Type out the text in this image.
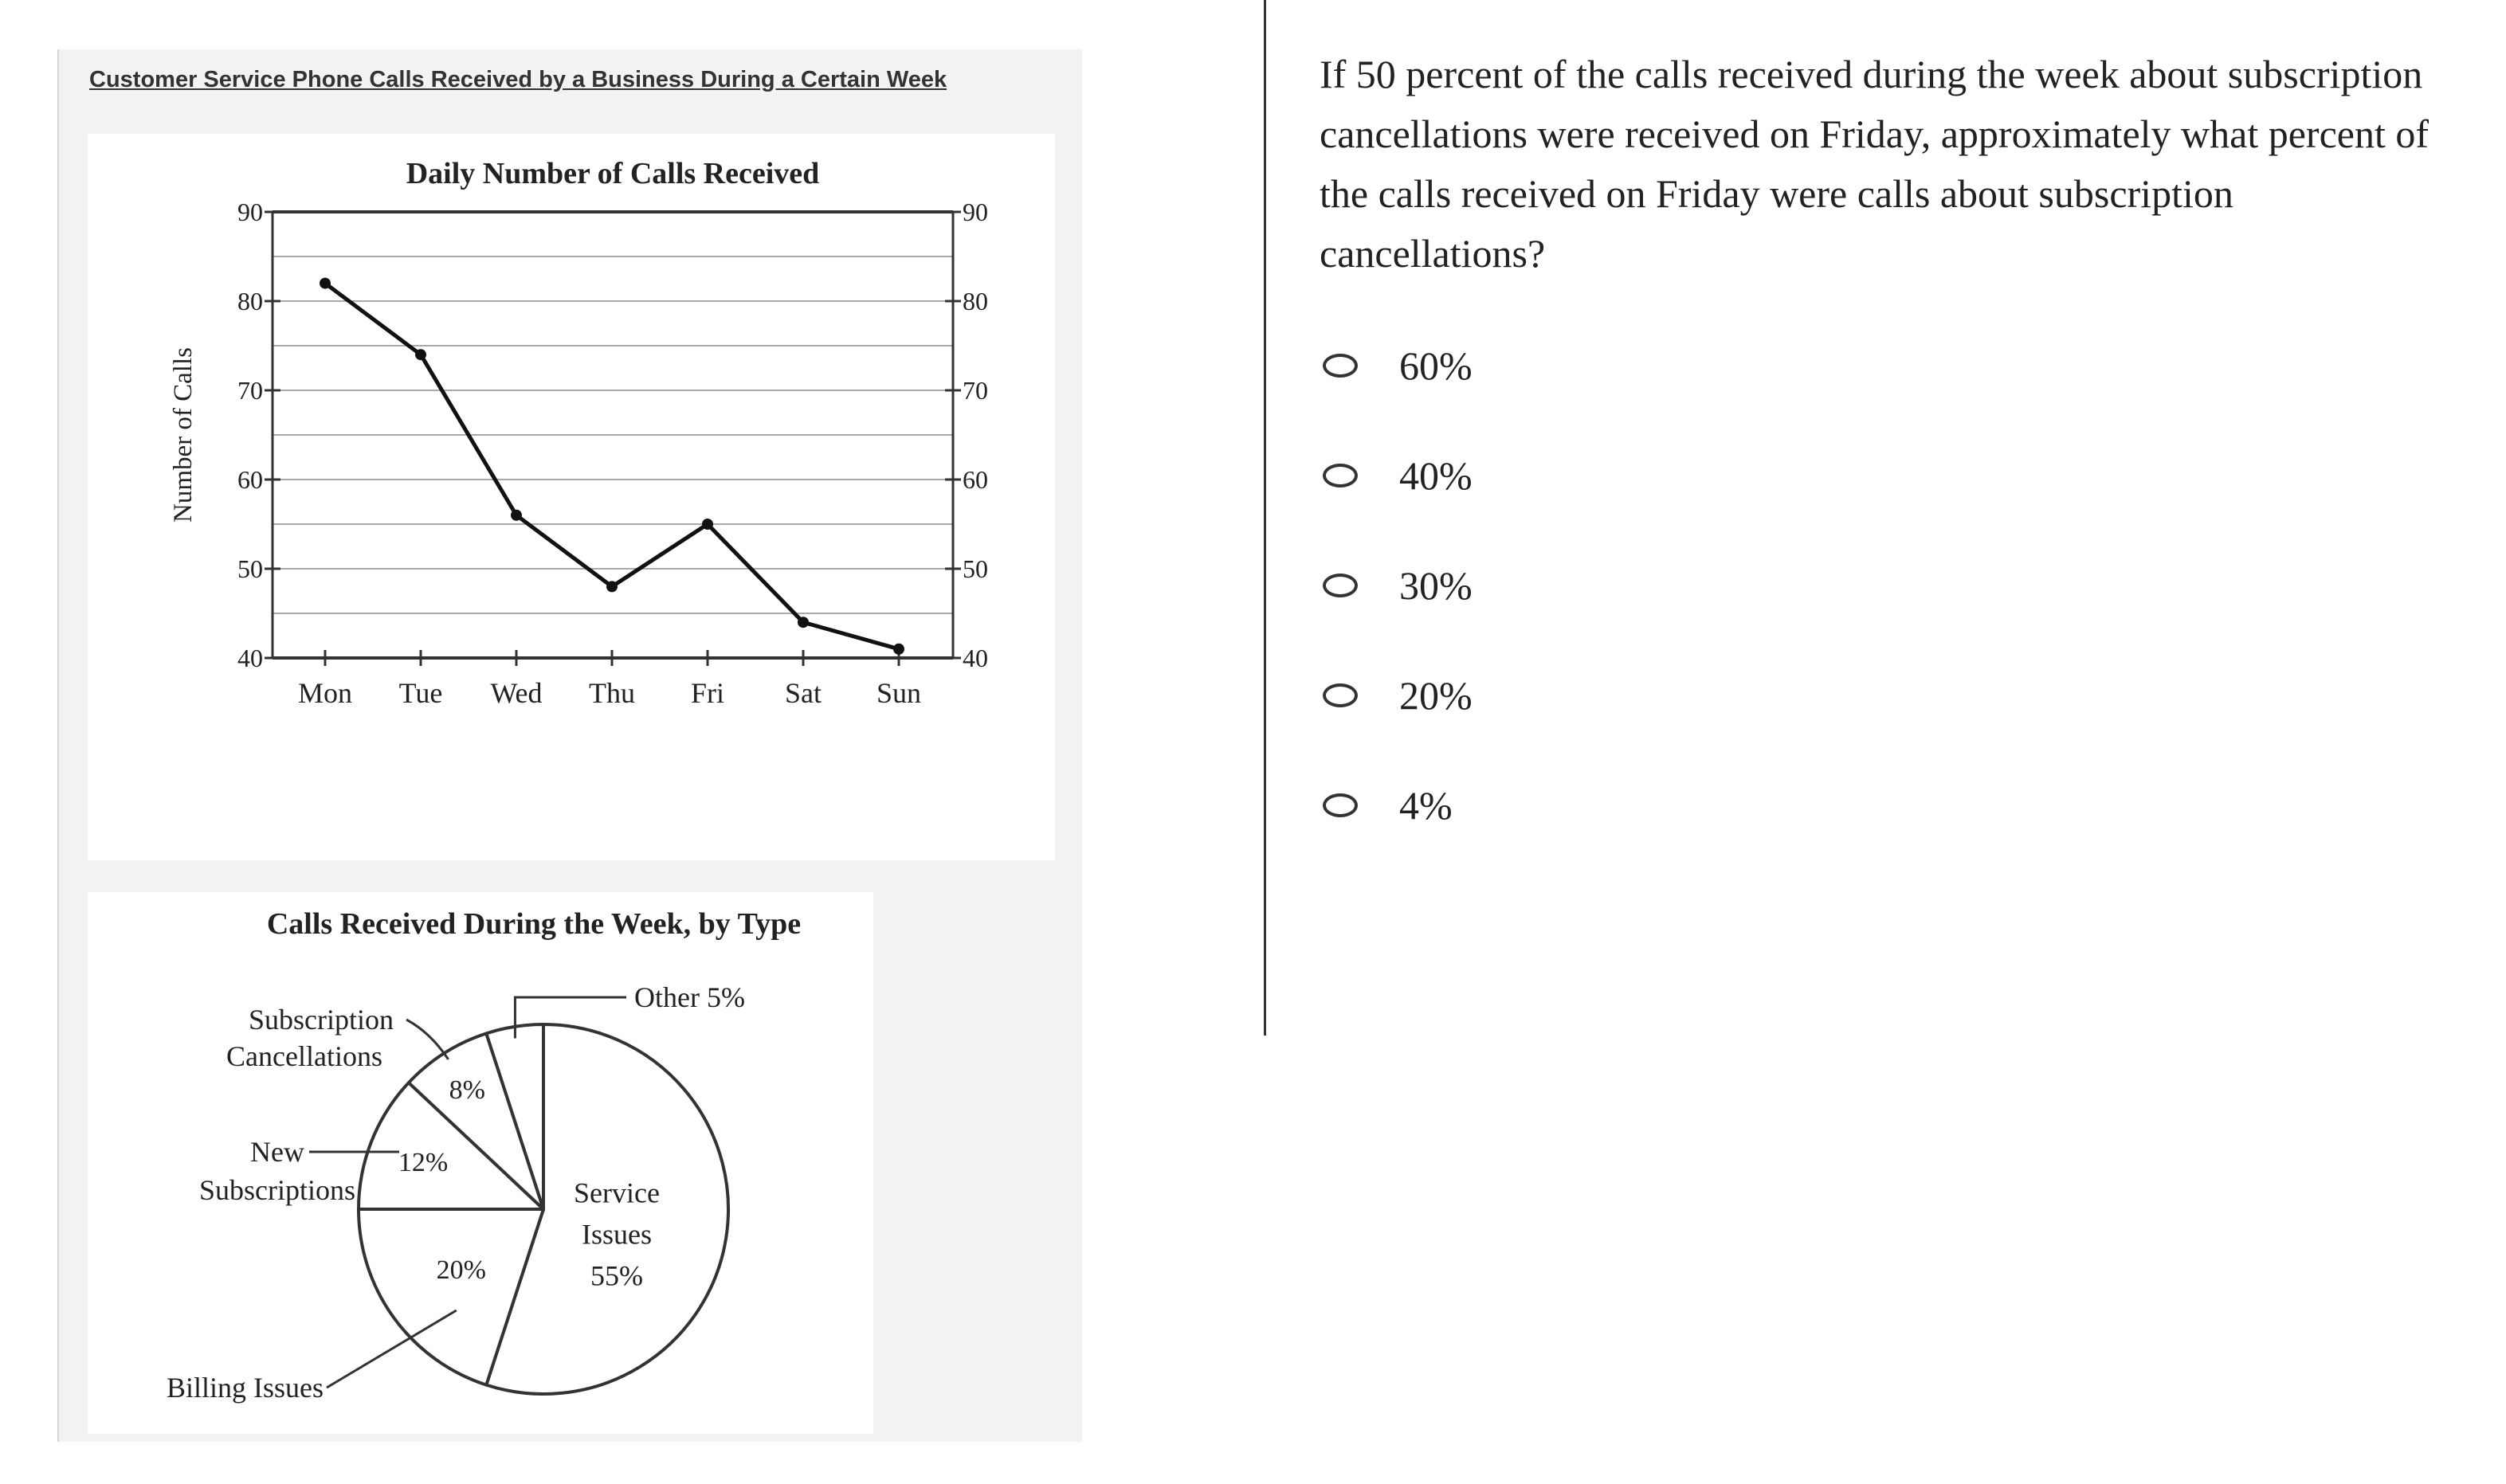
Customer Service Phone Calls Received by a Business During a Certain Week
Daily Number of Calls Received
Number of Calls
40	40
50	50
60	60
70	70
80	80
90	90
Mon Tue Wed Thu Fri Sat Sun
Calls Received During the Week, by Type
Service
Issues
55%
20%
12%
8%
Billing Issues
New
Subscriptions
Subscription
Cancellations
Other 5%

If 50 percent of the calls received during the week about subscription cancellations were received on Friday, approximately what percent of the calls received on Friday were calls about subscription cancellations?

60%
40%
30%
20%
4%
